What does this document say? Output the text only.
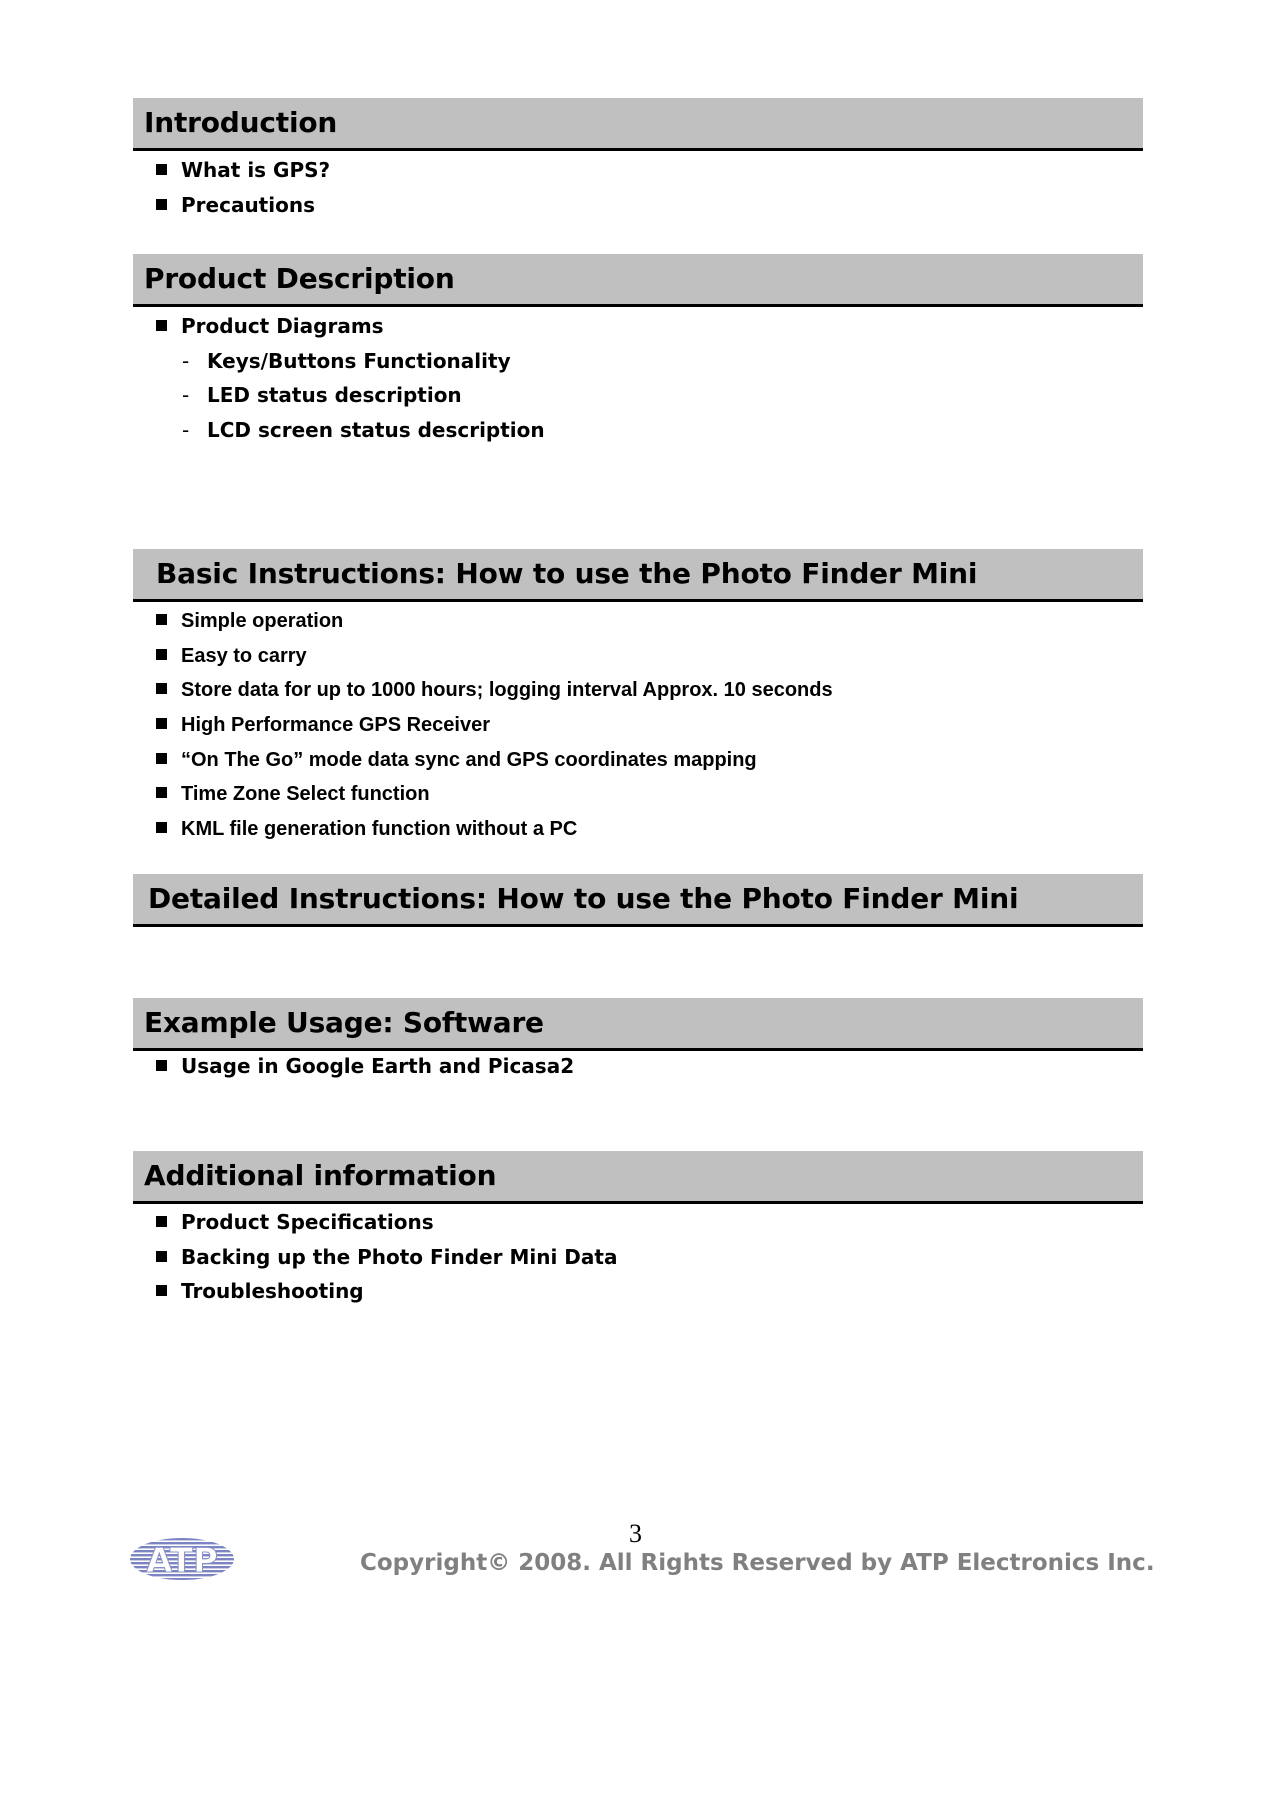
Introduction
What is GPS?
Precautions
Product Description
Product Diagrams
- Keys/Buttons Functionality
- LED status description
- LCD screen status description
Basic Instructions: How to use the Photo Finder Mini
Simple operation
Easy to carry
Store data for up to 1000 hours; logging interval Approx. 10 seconds
High Performance GPS Receiver
“On The Go” mode data sync and GPS coordinates mapping
Time Zone Select function
KML file generation function without a PC
Detailed Instructions: How to use the Photo Finder Mini
Example Usage: Software
Usage in Google Earth and Picasa2
Additional information
Product Specifications
Backing up the Photo Finder Mini Data
Troubleshooting
ATP
3
Copyright© 2008. All Rights Reserved by ATP Electronics Inc.
